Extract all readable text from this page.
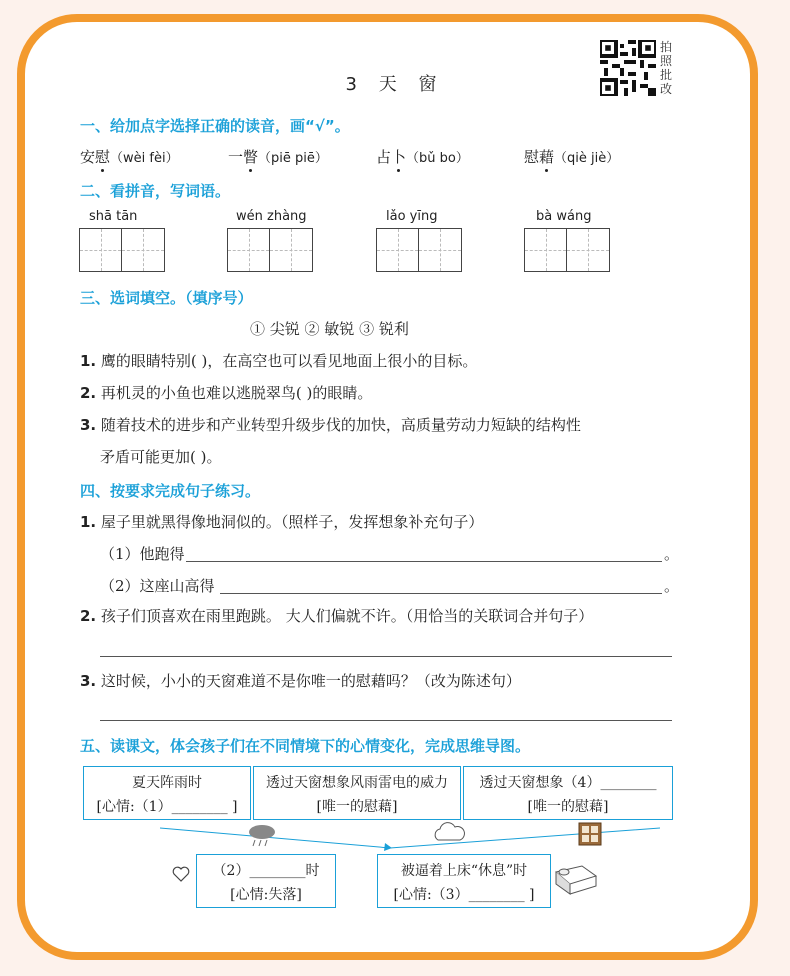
拍照批改
3 天 窗
一、给加点字选择正确的读音，画“√”。
安慰（wèi fèi）	一瞥（piē piē）	占卜（bǔ bo）	慰藉（qiè jiè）
二、看拼音，写词语。
shā tān	wén zhàng	lǎo yīng	bà wáng
三、选词填空。（填序号）
① 尖锐 ② 敏锐 ③ 锐利
1. 鹰的眼睛特别( )，在高空也可以看见地面上很小的目标。
2. 再机灵的小鱼也难以逃脱翠鸟( )的眼睛。
3. 随着技术的进步和产业转型升级步伐的加快，高质量劳动力短缺的结构性
矛盾可能更加( )。
四、按要求完成句子练习。
1. 屋子里就黑得像地洞似的。（照样子，发挥想象补充句子）
（1）他跑得	。
（2）这座山高得	。
2. 孩子们顶喜欢在雨里跑跳。 大人们偏就不许。（用恰当的关联词合并句子）
3. 这时候，小小的天窗难道不是你唯一的慰藉吗？（改为陈述句）
五、读课文，体会孩子们在不同情境下的心情变化，完成思维导图。
夏天阵雨时
[心情:（1）________ ]
透过天窗想象风雨雷电的威力
[唯一的慰藉]
透过天窗想象（4）________
[唯一的慰藉]
（2）________时
[心情:失落]
被逼着上床“休息”时
[心情:（3）________ ]
